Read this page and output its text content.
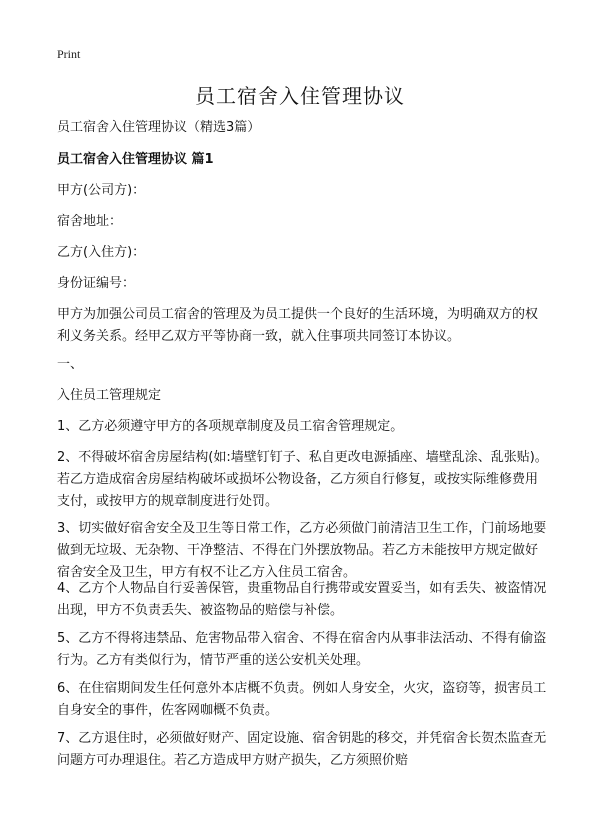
Print
员工宿舍入住管理协议

员工宿舍入住管理协议（精选3篇）

员工宿舍入住管理协议 篇1

甲方(公司方)：

宿舍地址：

乙方(入住方)：

身份证编号：

甲方为加强公司员工宿舍的管理及为员工提供一个良好的生活环境，为明确双方的权利义务关系。经甲乙双方平等协商一致，就入住事项共同签订本协议。

一、

入住员工管理规定

1、乙方必须遵守甲方的各项规章制度及员工宿舍管理规定。

2、不得破坏宿舍房屋结构(如:墙壁钉钉子、私自更改电源插座、墙壁乱涂、乱张贴)。若乙方造成宿舍房屋结构破坏或损坏公物设备，乙方须自行修复，或按实际维修费用支付，或按甲方的规章制度进行处罚。

3、切实做好宿舍安全及卫生等日常工作，乙方必须做门前清洁卫生工作，门前场地要做到无垃圾、无杂物、干净整洁、不得在门外摆放物品。若乙方未能按甲方规定做好宿舍安全及卫生，甲方有权不让乙方入住员工宿舍。

4、乙方个人物品自行妥善保管，贵重物品自行携带或安置妥当，如有丢失、被盗情况出现，甲方不负责丢失、被盗物品的赔偿与补偿。

5、乙方不得将违禁品、危害物品带入宿舍、不得在宿舍内从事非法活动、不得有偷盗行为。乙方有类似行为，情节严重的送公安机关处理。

6、在住宿期间发生任何意外本店概不负责。例如人身安全，火灾，盗窃等，损害员工自身安全的事件，佐客网咖概不负责。

7、乙方退住时，必须做好财产、固定设施、宿舍钥匙的移交，并凭宿舍长贺杰监查无问题方可办理退住。若乙方造成甲方财产损失，乙方须照价赔
